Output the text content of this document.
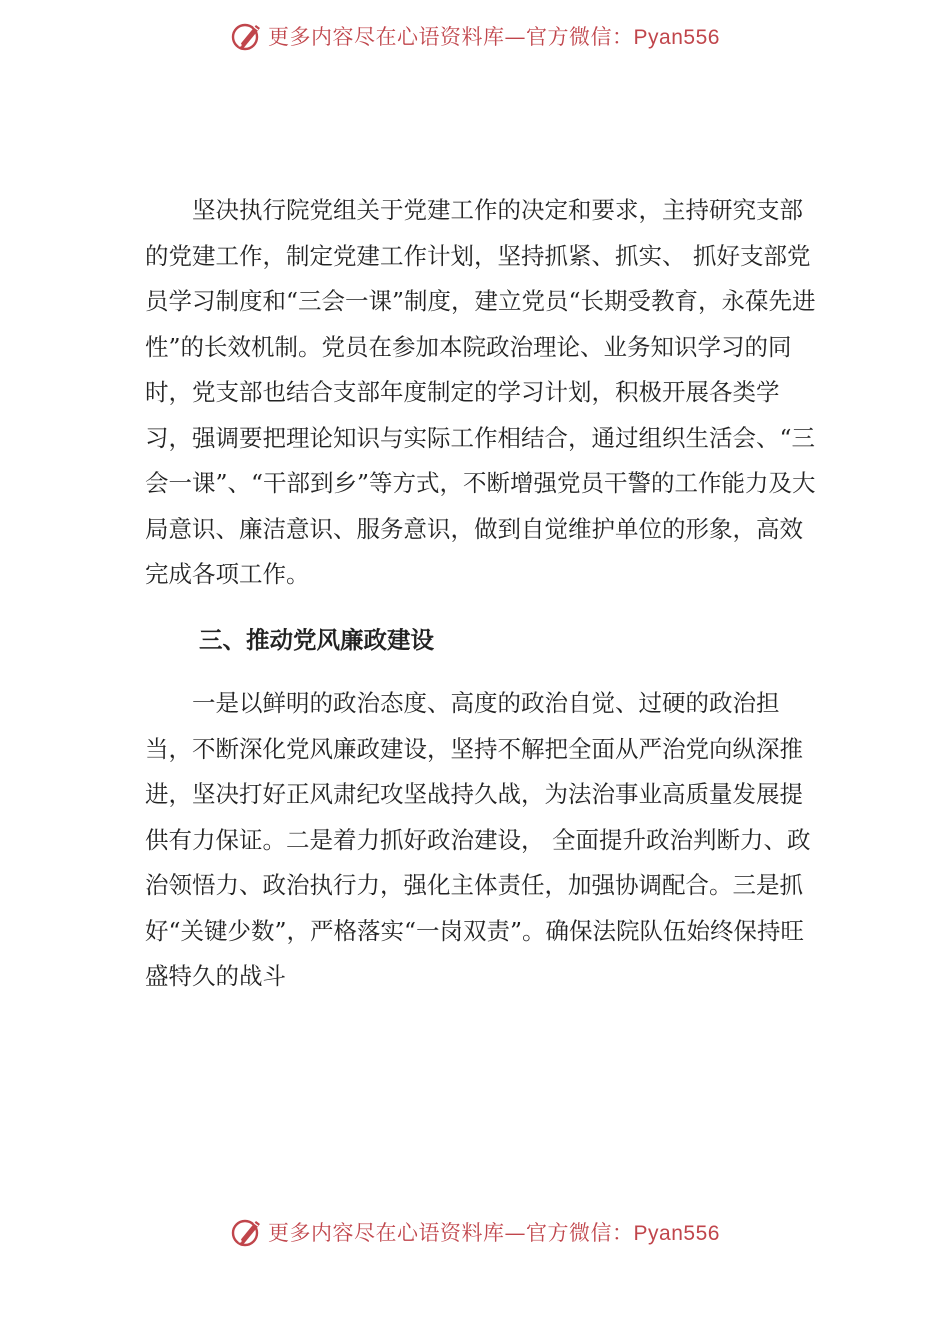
更多内容尽在心语资料库—官方微信：Pyan556

坚决执行院党组关于党建工作的决定和要求，主持研究支部的党建工作，制定党建工作计划，坚持抓紧、抓实、 抓好支部党员学习制度和“三会一课”制度，建立党员“长期受教育，永葆先进性”的长效机制。党员在参加本院政治理论、业务知识学习的同时，党支部也结合支部年度制定的学习计划，积极开展各类学习，强调要把理论知识与实际工作相结合，通过组织生活会、“三会一课”、“干部到乡”等方式，不断增强党员干警的工作能力及大局意识、廉洁意识、服务意识，做到自觉维护单位的形象，高效完成各项工作。

三、推动党风廉政建设

一是以鲜明的政治态度、高度的政治自觉、过硬的政治担当，不断深化党风廉政建设，坚持不解把全面从严治党向纵深推进，坚决打好正风肃纪攻坚战持久战，为法治事业高质量发展提供有力保证。二是着力抓好政治建设， 全面提升政治判断力、政治领悟力、政治执行力，强化主体责任，加强协调配合。三是抓好“关键少数”，严格落实“一岗双责”。确保法院队伍始终保持旺盛特久的战斗

更多内容尽在心语资料库—官方微信：Pyan556
